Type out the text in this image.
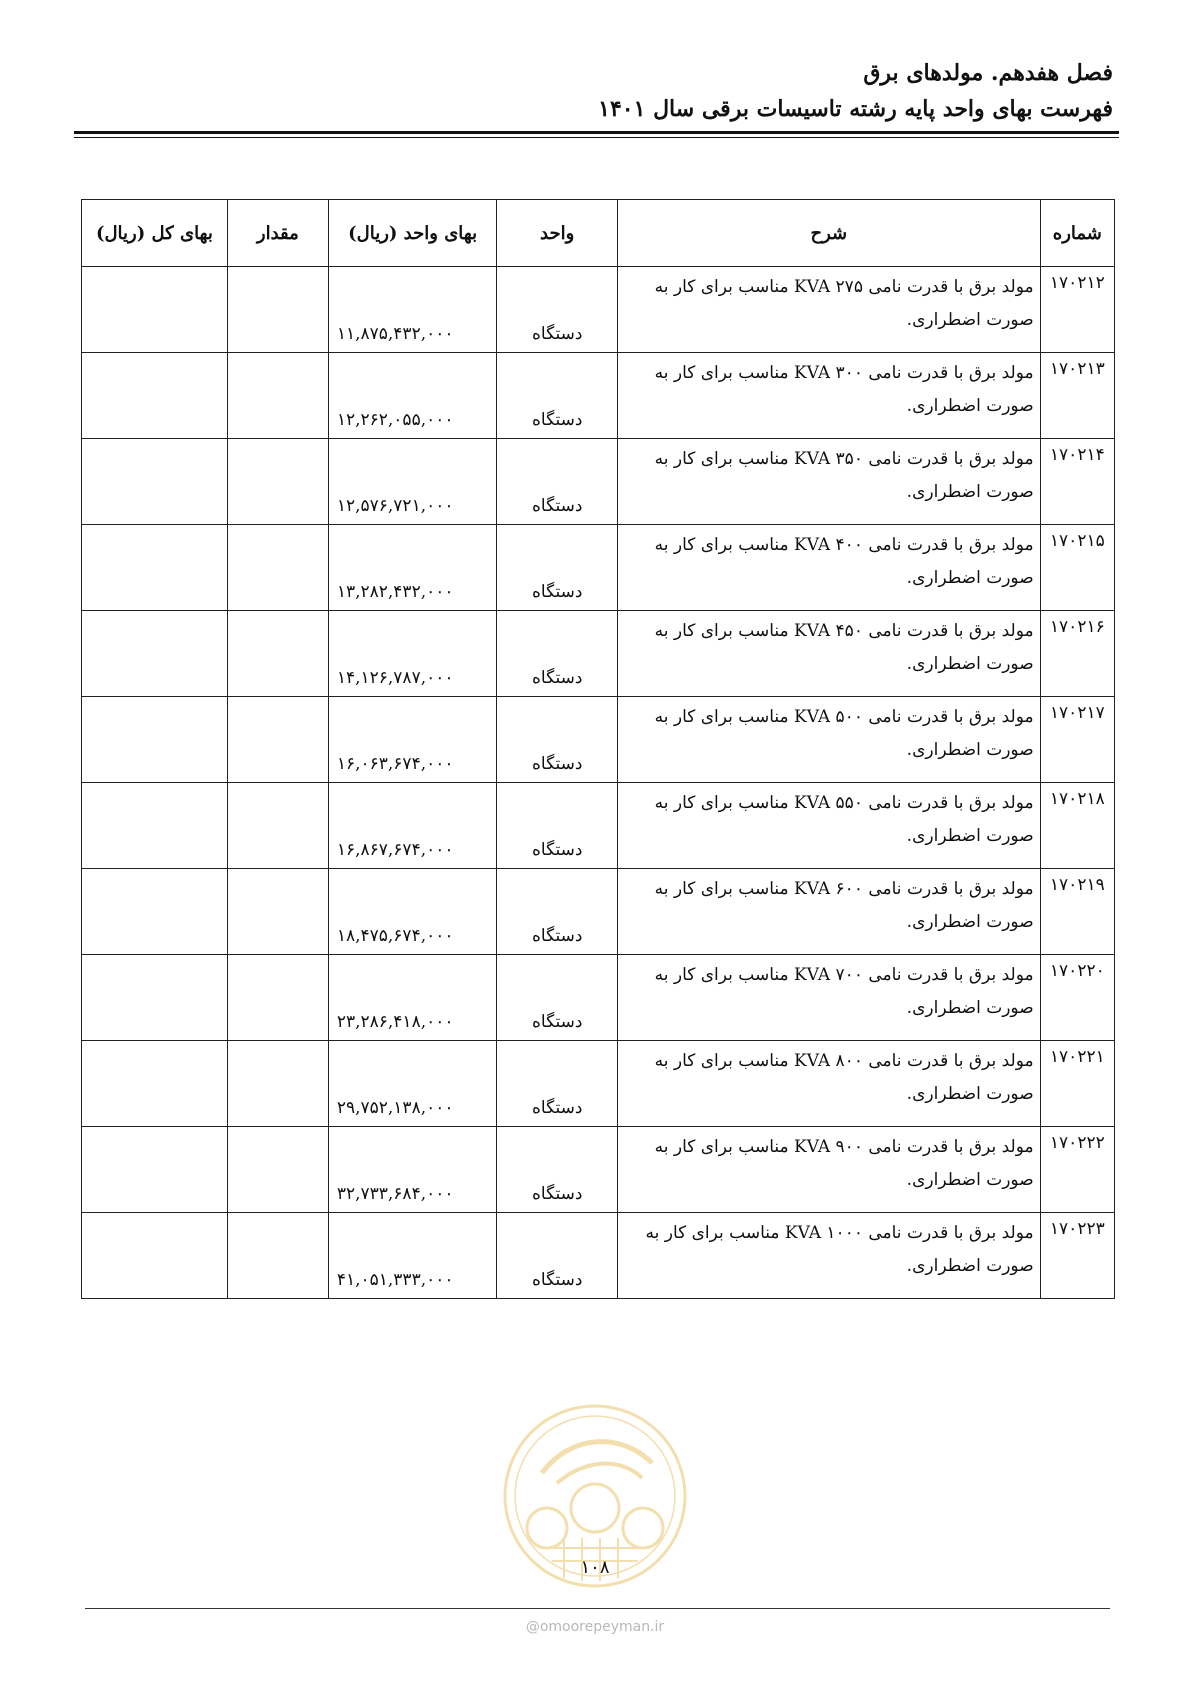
فصل هفدهم. مولدهای برق
فهرست بهای واحد پایه رشته تاسیسات برقی سال ۱۴۰۱
شماره	شرح	واحد	بهای واحد (ریال)	مقدار	بهای کل (ریال)
۱۷۰۲۱۲	مولد برق با قدرت نامی KVA ۲۷۵ مناسب برای کار به صورت اضطراری.	دستگاه	۱۱,۸۷۵,۴۳۲,۰۰۰		
۱۷۰۲۱۳	مولد برق با قدرت نامی KVA ۳۰۰ مناسب برای کار به صورت اضطراری.	دستگاه	۱۲,۲۶۲,۰۵۵,۰۰۰		
۱۷۰۲۱۴	مولد برق با قدرت نامی KVA ۳۵۰ مناسب برای کار به صورت اضطراری.	دستگاه	۱۲,۵۷۶,۷۲۱,۰۰۰		
۱۷۰۲۱۵	مولد برق با قدرت نامی KVA ۴۰۰ مناسب برای کار به صورت اضطراری.	دستگاه	۱۳,۲۸۲,۴۳۲,۰۰۰		
۱۷۰۲۱۶	مولد برق با قدرت نامی KVA ۴۵۰ مناسب برای کار به صورت اضطراری.	دستگاه	۱۴,۱۲۶,۷۸۷,۰۰۰		
۱۷۰۲۱۷	مولد برق با قدرت نامی KVA ۵۰۰ مناسب برای کار به صورت اضطراری.	دستگاه	۱۶,۰۶۳,۶۷۴,۰۰۰		
۱۷۰۲۱۸	مولد برق با قدرت نامی KVA ۵۵۰ مناسب برای کار به صورت اضطراری.	دستگاه	۱۶,۸۶۷,۶۷۴,۰۰۰		
۱۷۰۲۱۹	مولد برق با قدرت نامی KVA ۶۰۰ مناسب برای کار به صورت اضطراری.	دستگاه	۱۸,۴۷۵,۶۷۴,۰۰۰		
۱۷۰۲۲۰	مولد برق با قدرت نامی KVA ۷۰۰ مناسب برای کار به صورت اضطراری.	دستگاه	۲۳,۲۸۶,۴۱۸,۰۰۰		
۱۷۰۲۲۱	مولد برق با قدرت نامی KVA ۸۰۰ مناسب برای کار به صورت اضطراری.	دستگاه	۲۹,۷۵۲,۱۳۸,۰۰۰		
۱۷۰۲۲۲	مولد برق با قدرت نامی KVA ۹۰۰ مناسب برای کار به صورت اضطراری.	دستگاه	۳۲,۷۳۳,۶۸۴,۰۰۰		
۱۷۰۲۲۳	مولد برق با قدرت نامی KVA ۱۰۰۰ مناسب برای کار به صورت اضطراری.	دستگاه	۴۱,۰۵۱,۳۳۳,۰۰۰		
۱۰۸
@omoorepeyman.ir
